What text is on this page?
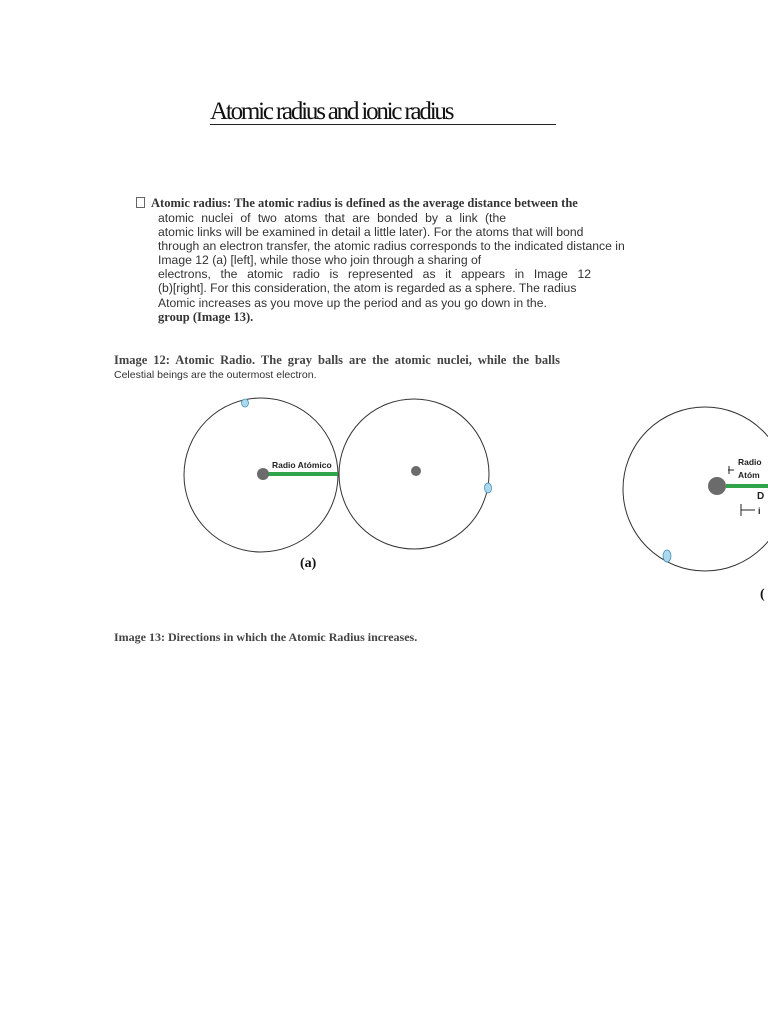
Atomic radius and ionic radius
Atomic radius: The atomic radius is defined as the average distance between the
atomic nuclei of two atoms that are bonded by a link (the
atomic links will be examined in detail a little later). For the atoms that will bond
through an electron transfer, the atomic radius corresponds to the indicated distance in
Image 12 (a) [left], while those who join through a sharing of
electrons, the atomic radio is represented as it appears in Image 12
(b)[right]. For this consideration, the atom is regarded as a sphere. The radius
Atomic increases as you move up the period and as you go down in the.
group (Image 13).
Image 12: Atomic Radio. The gray balls are the atomic nuclei, while the balls
Celestial beings are the outermost electron.
Radio Atómico
(a)
Radio
Atóm
D
i
(
Image 13: Directions in which the Atomic Radius increases.
